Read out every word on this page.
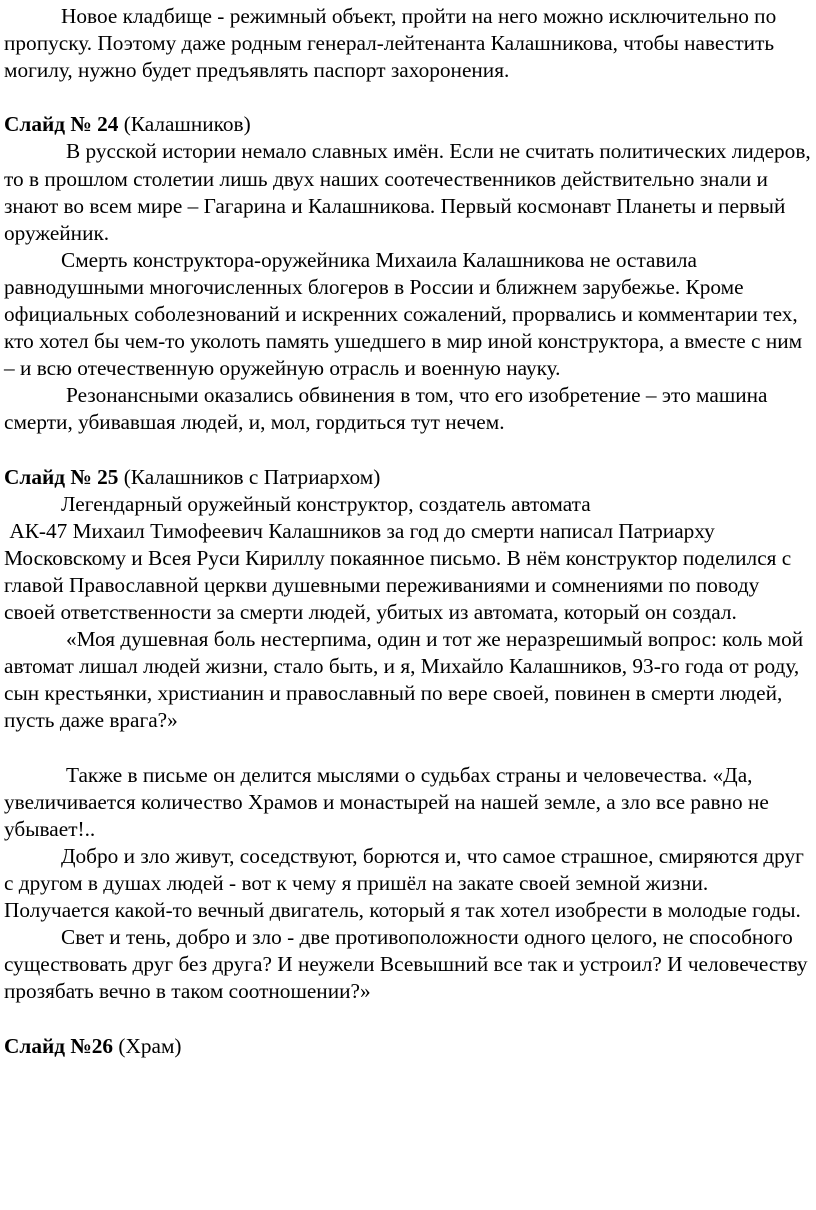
Новое кладбище - режимный объект, пройти на него можно исключительно по пропуску. Поэтому даже родным генерал-лейтенанта Калашникова, чтобы навестить могилу, нужно будет предъявлять паспорт захоронения.

Слайд № 24 (Калашников)

В русской истории немало славных имён. Если не считать политических лидеров, то в прошлом столетии лишь двух наших соотечественников действительно знали и знают во всем мире – Гагарина и Калашникова. Первый космонавт Планеты и первый оружейник.

Смерть конструктора-оружейника Михаила Калашникова не оставила равнодушными многочисленных блогеров в России и ближнем зарубежье. Кроме официальных соболезнований и искренних сожалений, прорвались и комментарии тех, кто хотел бы чем-то уколоть память ушедшего в мир иной конструктора, а вместе с ним – и всю отечественную оружейную отрасль и военную науку.

Резонансными оказались обвинения в том, что его изобретение – это машина смерти, убивавшая людей, и, мол, гордиться тут нечем.

Слайд № 25 (Калашников с Патриархом)

Легендарный оружейный конструктор, создатель автомата

АК-47 Михаил Тимофеевич Калашников за год до смерти написал Патриарху Московскому и Всея Руси Кириллу покаянное письмо. В нём конструктор поделился с главой Православной церкви душевными переживаниями и сомнениями по поводу своей ответственности за смерти людей, убитых из автомата, который он создал.

«Моя душевная боль нестерпима, один и тот же неразрешимый вопрос: коль мой автомат лишал людей жизни, стало быть, и я, Михайло Калашников, 93-го года от роду, сын крестьянки, христианин и православный по вере своей, повинен в смерти людей, пусть даже врага?»

Также в письме он делится мыслями о судьбах страны и человечества. «Да, увеличивается количество Храмов и монастырей на нашей земле, а зло все равно не убывает!..

Добро и зло живут, соседствуют, борются и, что самое страшное, смиряются друг с другом в душах людей - вот к чему я пришёл на закате своей земной жизни. Получается какой-то вечный двигатель, который я так хотел изобрести в молодые годы.

Свет и тень, добро и зло - две противоположности одного целого, не способного существовать друг без друга? И неужели Всевышний все так и устроил? И человечеству прозябать вечно в таком соотношении?»

Слайд №26 (Храм)
